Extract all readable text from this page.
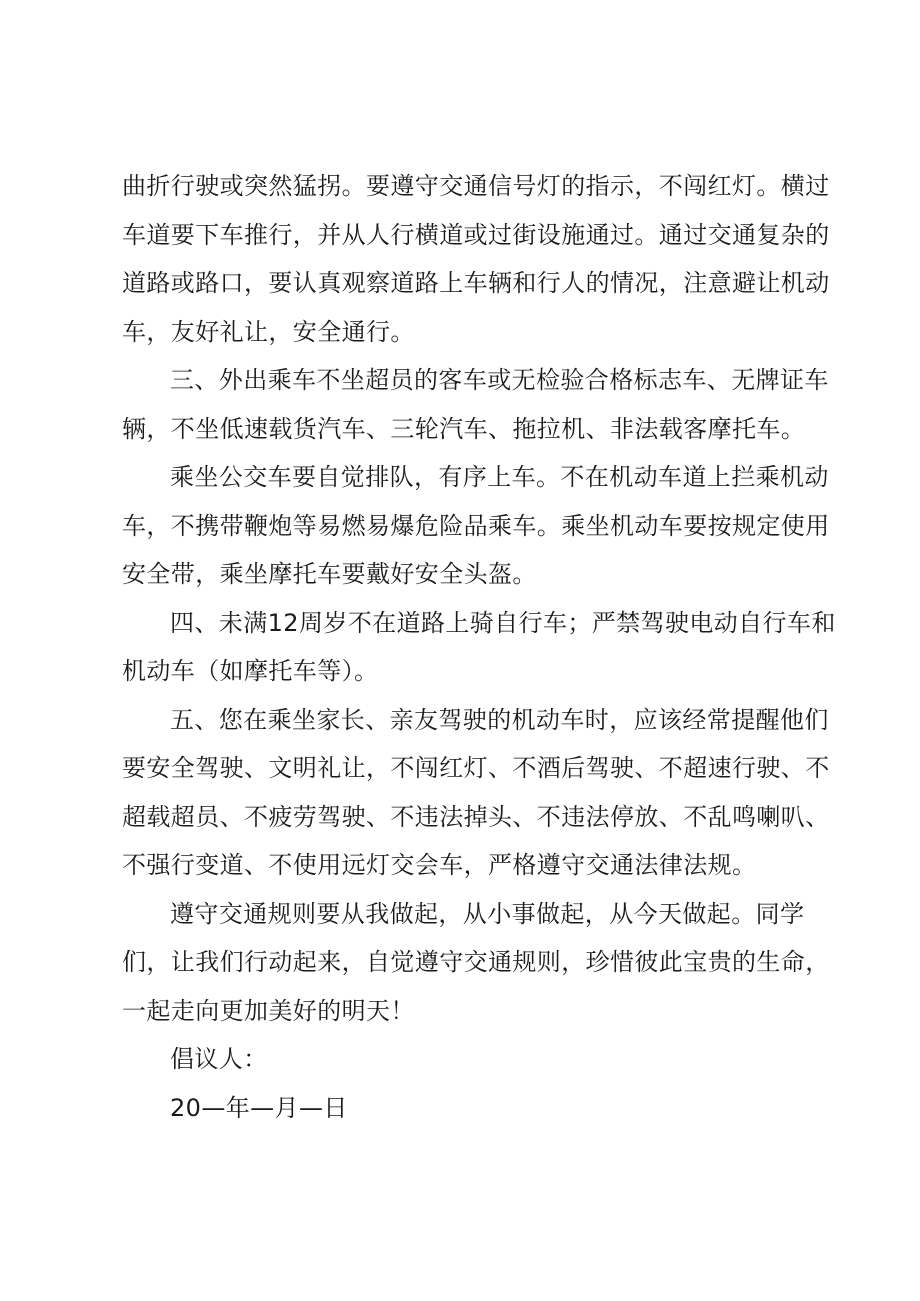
曲折行驶或突然猛拐。要遵守交通信号灯的指示，不闯红灯。横过
车道要下车推行，并从人行横道或过街设施通过。通过交通复杂的
道路或路口，要认真观察道路上车辆和行人的情况，注意避让机动
车，友好礼让，安全通行。
三、外出乘车不坐超员的客车或无检验合格标志车、无牌证车
辆，不坐低速载货汽车、三轮汽车、拖拉机、非法载客摩托车。
乘坐公交车要自觉排队，有序上车。不在机动车道上拦乘机动
车，不携带鞭炮等易燃易爆危险品乘车。乘坐机动车要按规定使用
安全带，乘坐摩托车要戴好安全头盔。
四、未满12周岁不在道路上骑自行车；严禁驾驶电动自行车和
机动车（如摩托车等）。
五、您在乘坐家长、亲友驾驶的机动车时，应该经常提醒他们
要安全驾驶、文明礼让，不闯红灯、不酒后驾驶、不超速行驶、不
超载超员、不疲劳驾驶、不违法掉头、不违法停放、不乱鸣喇叭、
不强行变道、不使用远灯交会车，严格遵守交通法律法规。
遵守交通规则要从我做起，从小事做起，从今天做起。同学
们，让我们行动起来，自觉遵守交通规则，珍惜彼此宝贵的生命，
一起走向更加美好的明天！
倡议人：
20—年—月—日
